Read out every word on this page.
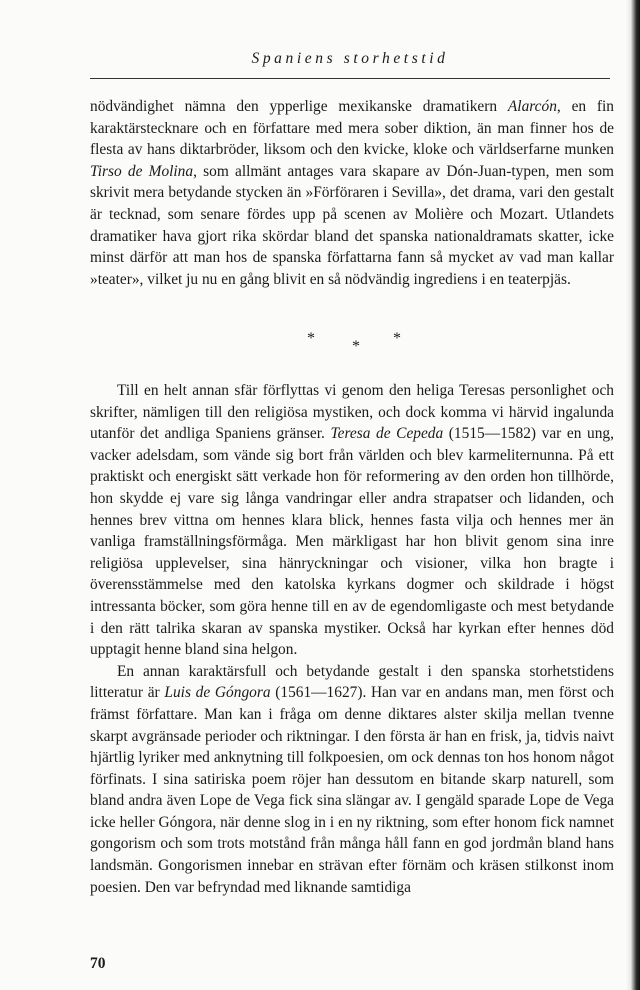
Spaniens storhetstid

nödvändighet nämna den ypperlige mexikanske dramatikern Alarcón, en fin karaktärstecknare och en författare med mera sober diktion, än man finner hos de flesta av hans diktarbröder, liksom och den kvicke, kloke och världserfarne munken Tirso de Molina, som allmänt antages vara skapare av Dón-Juan-typen, men som skrivit mera betydande stycken än »Förföraren i Sevilla», det drama, vari den gestalt är tecknad, som senare fördes upp på scenen av Molière och Mozart. Utlandets dramatiker hava gjort rika skördar bland det spanska nationaldramats skatter, icke minst därför att man hos de spanska författarna fann så mycket av vad man kallar »teater», vilket ju nu en gång blivit en så nödvändig ingrediens i en teaterpjäs.

* * *

Till en helt annan sfär förflyttas vi genom den heliga Teresas personlighet och skrifter, nämligen till den religiösa mystiken, och dock komma vi härvid ingalunda utanför det andliga Spaniens gränser. Teresa de Cepeda (1515—1582) var en ung, vacker adelsdam, som vände sig bort från världen och blev karmeliternunna. På ett praktiskt och energiskt sätt verkade hon för reformering av den orden hon tillhörde, hon skydde ej vare sig långa vandringar eller andra strapatser och lidanden, och hennes brev vittna om hennes klara blick, hennes fasta vilja och hennes mer än vanliga framställningsförmåga. Men märkligast har hon blivit genom sina inre religiösa upplevelser, sina hänryckningar och visioner, vilka hon bragte i överensstämmelse med den katolska kyrkans dogmer och skildrade i högst intressanta böcker, som göra henne till en av de egendomligaste och mest betydande i den rätt talrika skaran av spanska mystiker. Också har kyrkan efter hennes död upptagit henne bland sina helgon.

En annan karaktärsfull och betydande gestalt i den spanska storhetstidens litteratur är Luis de Góngora (1561—1627). Han var en andans man, men först och främst författare. Man kan i fråga om denne diktares alster skilja mellan tvenne skarpt avgränsade perioder och riktningar. I den första är han en frisk, ja, tidvis naivt hjärtlig lyriker med anknytning till folkpoesien, om ock dennas ton hos honom något förfinats. I sina satiriska poem röjer han dessutom en bitande skarp naturell, som bland andra även Lope de Vega fick sina slängar av. I gengäld sparade Lope de Vega icke heller Góngora, när denne slog in i en ny riktning, som efter honom fick namnet gongorism och som trots motstånd från många håll fann en god jordmån bland hans landsmän. Gongorismen innebar en strävan efter förnäm och kräsen stilkonst inom poesien. Den var befryndad med liknande samtidiga

70
